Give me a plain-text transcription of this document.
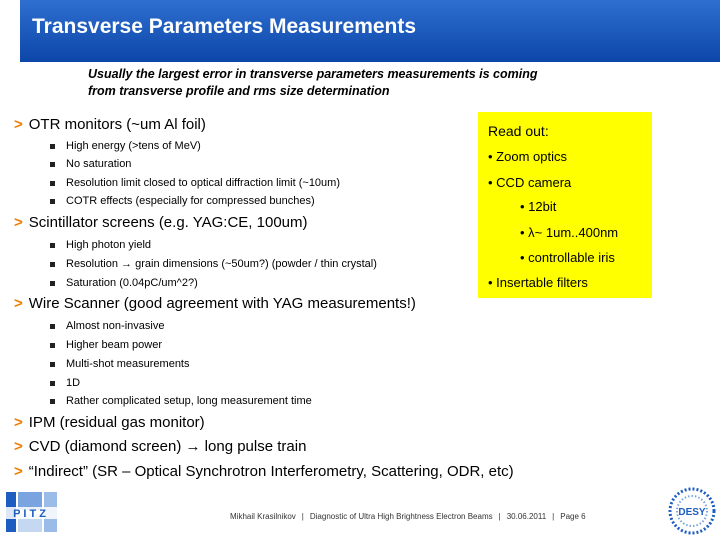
Transverse Parameters Measurements
Usually the largest error in transverse parameters measurements is coming
from transverse profile and rms size determination
Read out:
• Zoom optics
• CCD camera
• 12bit
• λ~ 1um..400nm
• controllable iris
• Insertable filters
> OTR monitors (~um Al foil)
High energy (>tens of MeV)
No saturation
Resolution limit closed to optical diffraction limit (~10um)
COTR effects (especially for compressed bunches)
> Scintillator screens (e.g. YAG:CE, 100um)
High photon yield
Resolution → grain dimensions (~50um?) (powder / thin crystal)
Saturation (0.04pC/um^2?)
> Wire Scanner (good agreement with YAG measurements!)
Almost non-invasive
Higher beam power
Multi-shot measurements
1D
Rather complicated setup, long measurement time
> IPM (residual gas monitor)
> CVD (diamond screen) → long pulse train
> “Indirect” (SR – Optical Synchrotron Interferometry, Scattering, ODR, etc)
PITZ	Mikhail Krasilnikov | Diagnostic of Ultra High Brightness Electron Beams | 30.06.2011 | Page 6	DESY
